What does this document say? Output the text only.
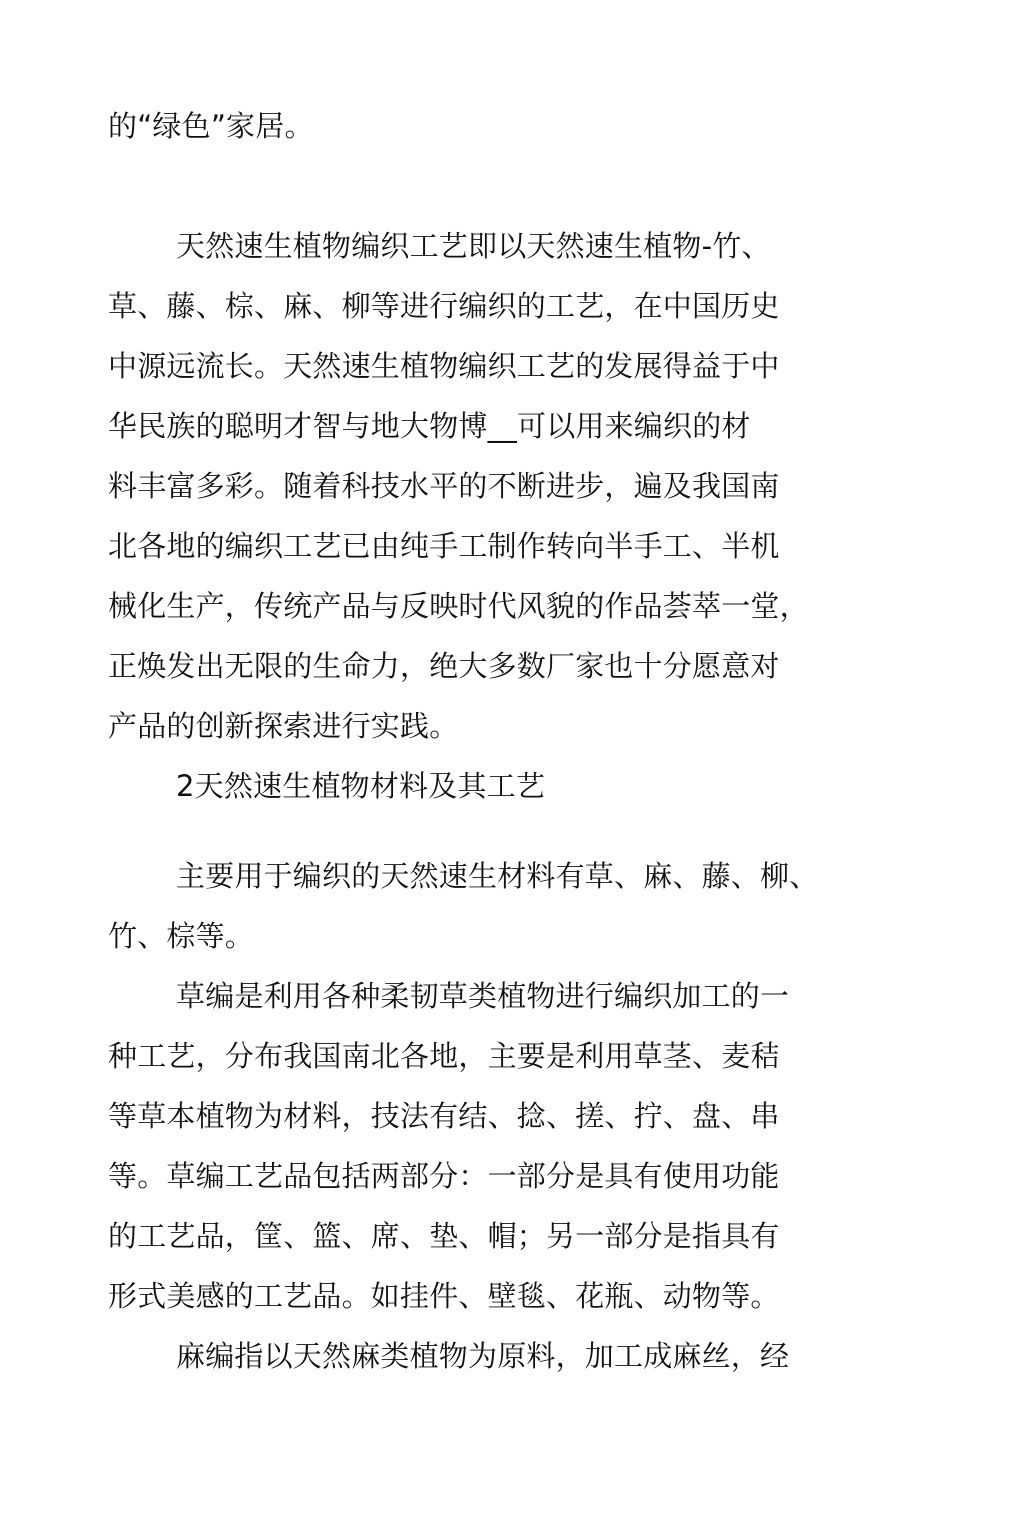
的“绿色”家居。
天然速生植物编织工艺即以天然速生植物-竹、
草、藤、棕、麻、柳等进行编织的工艺，在中国历史
中源远流长。天然速生植物编织工艺的发展得益于中
华民族的聪明才智与地大物博__可以用来编织的材
料丰富多彩。随着科技水平的不断进步，遍及我国南
北各地的编织工艺已由纯手工制作转向半手工、半机
械化生产，传统产品与反映时代风貌的作品荟萃一堂，
正焕发出无限的生命力，绝大多数厂家也十分愿意对
产品的创新探索进行实践。
2天然速生植物材料及其工艺
主要用于编织的天然速生材料有草、麻、藤、柳、
竹、棕等。
草编是利用各种柔韧草类植物进行编织加工的一
种工艺，分布我国南北各地，主要是利用草茎、麦秸
等草本植物为材料，技法有结、捻、搓、拧、盘、串
等。草编工艺品包括两部分：一部分是具有使用功能
的工艺品，筐、篮、席、垫、帽；另一部分是指具有
形式美感的工艺品。如挂件、壁毯、花瓶、动物等。
麻编指以天然麻类植物为原料，加工成麻丝，经
